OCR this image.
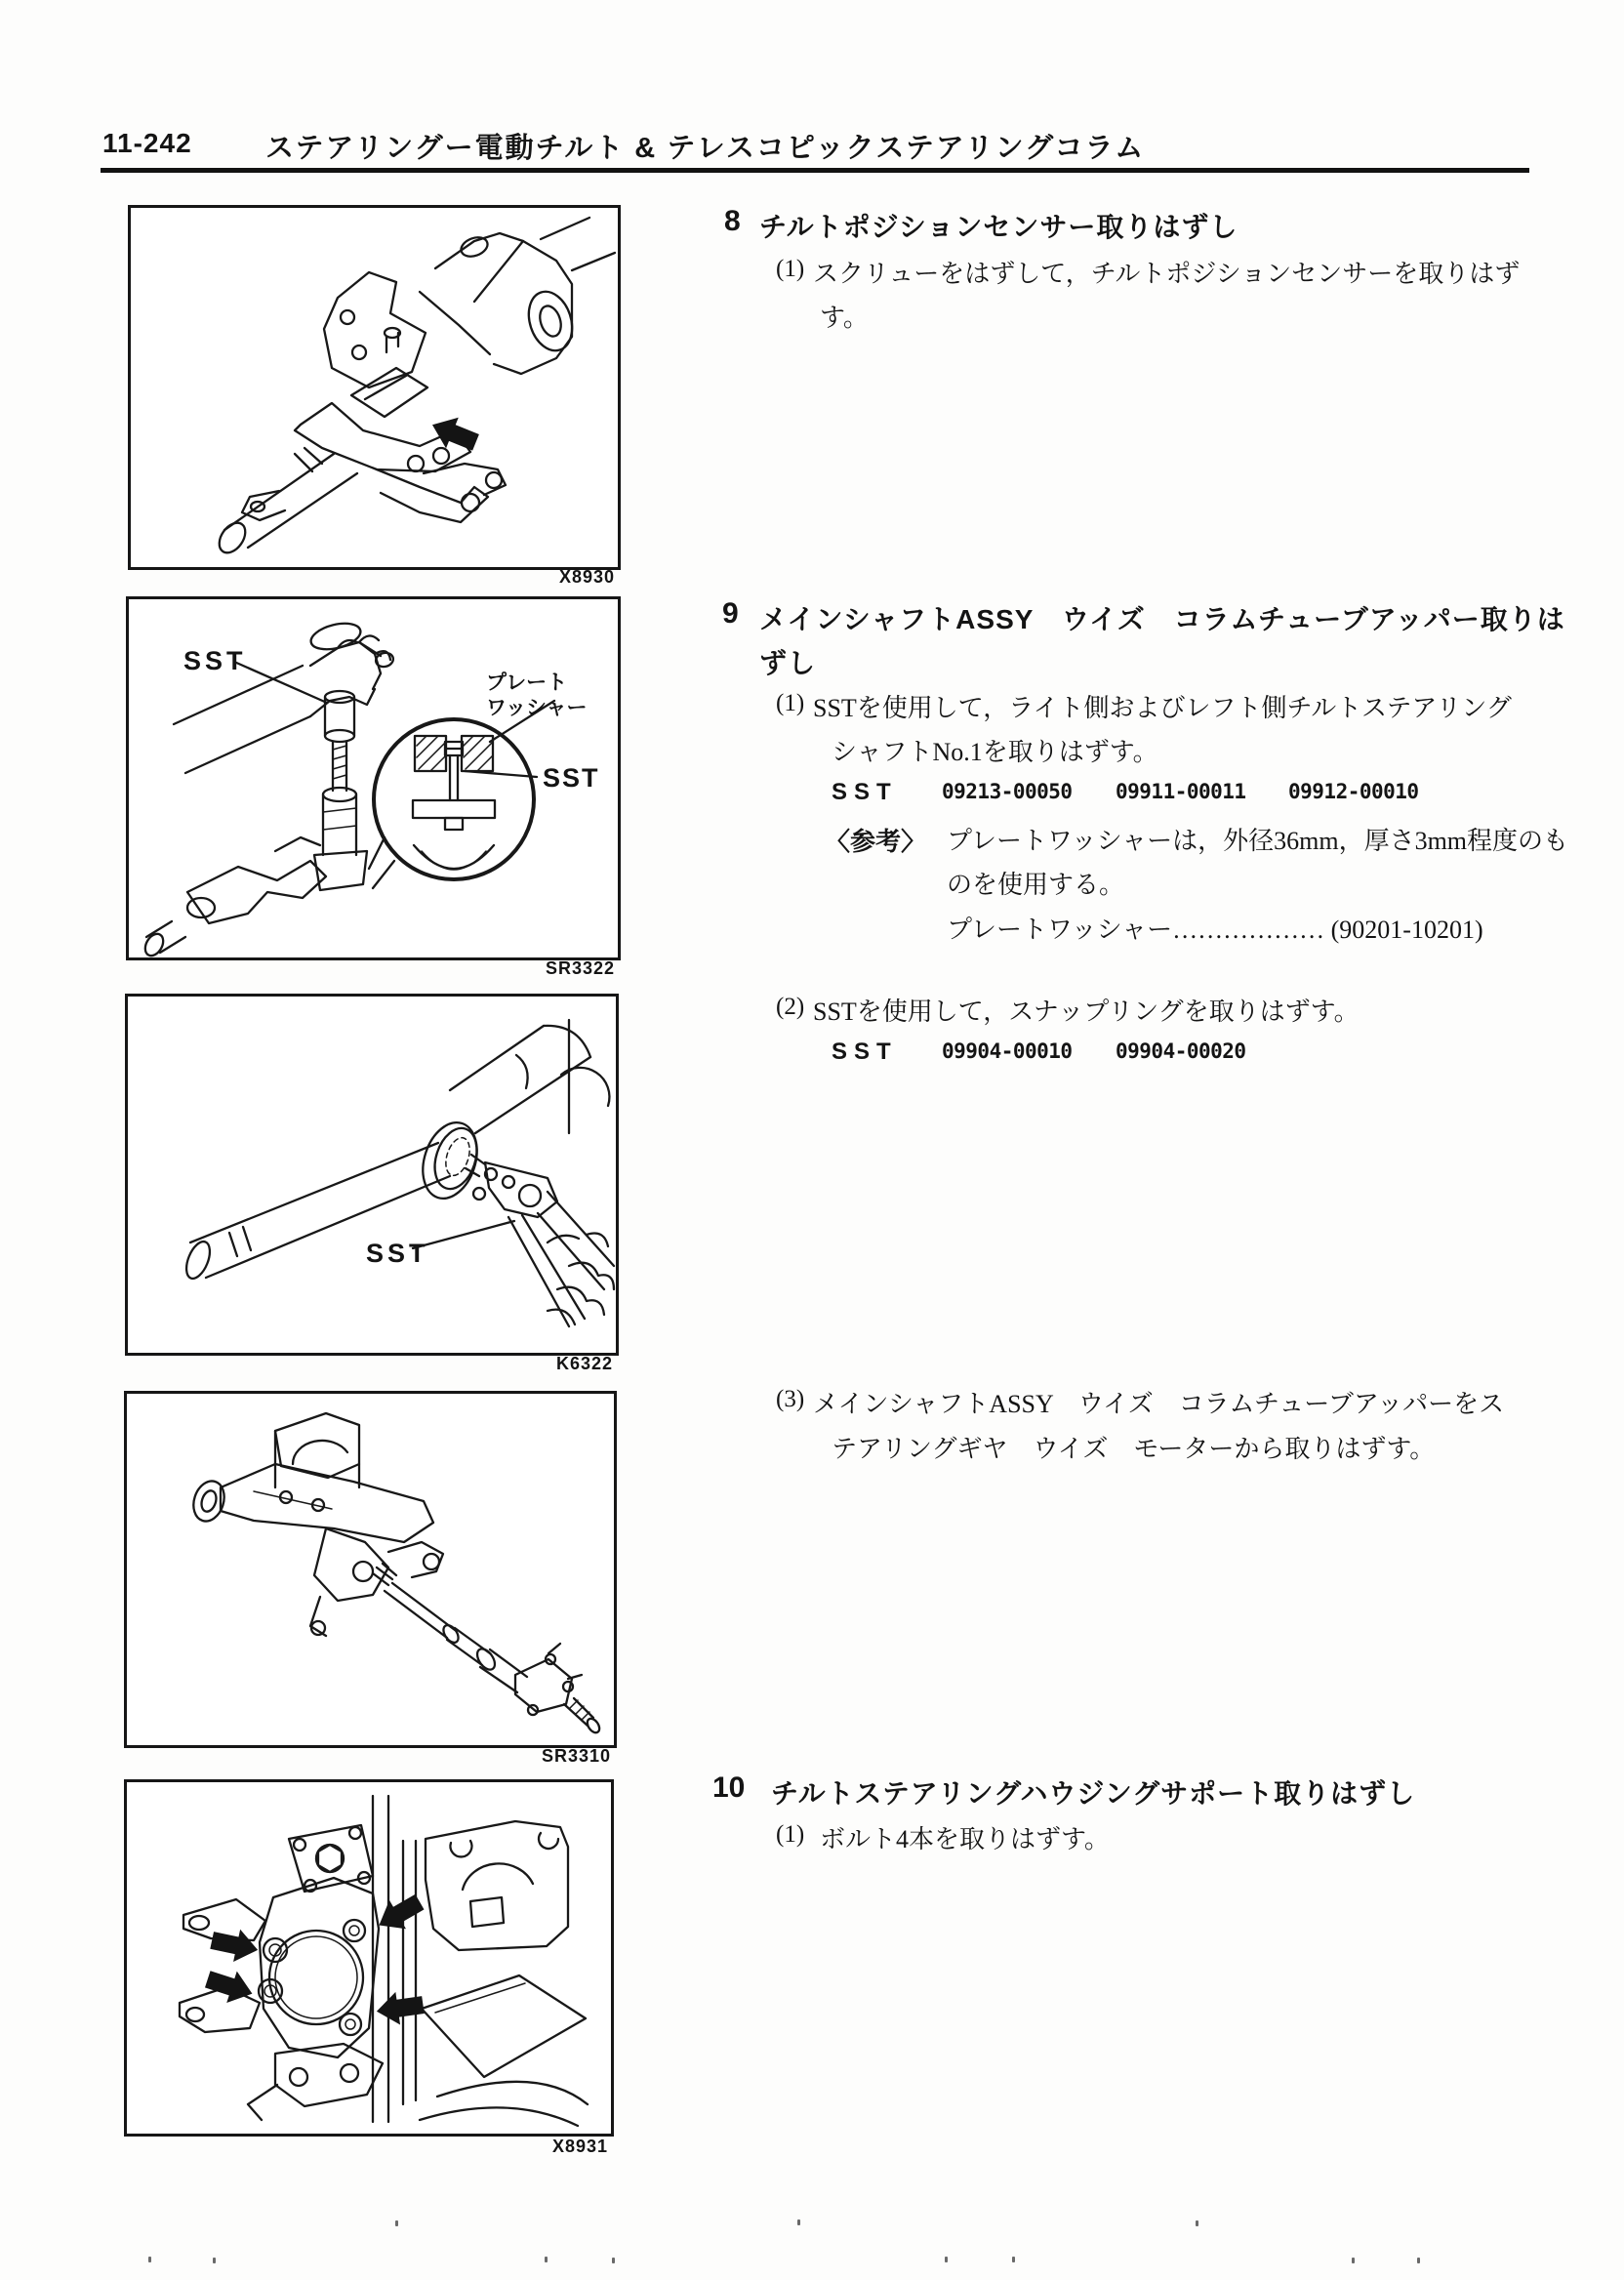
11-242	ステアリングー電動チルト & テレスコピックステアリングコラム
X8930
SST
プレート
ワッシャー
SST
SR3322
SST
K6322
SR3310
X8931
8 チルトポジションセンサー取りはずし
(1) スクリューをはずして，チルトポジションセンサーを取りはず
す。
9 メインシャフトASSY　ウイズ　コラムチューブアッパー取りは
ずし
(1) SSTを使用して，ライト側およびレフト側チルトステアリング
シャフトNo.1を取りはずす。
SST 09213-00050 09911-00011 09912-00010
〈参考〉 プレートワッシャーは，外径36mm，厚さ3mm程度のも
のを使用する。
プレートワッシャー……………… (90201-10201)
(2) SSTを使用して，スナップリングを取りはずす。
SST 09904-00010 09904-00020
(3) メインシャフトASSY　ウイズ　コラムチューブアッパーをス
テアリングギヤ　ウイズ　モーターから取りはずす。
10 チルトステアリングハウジングサポート取りはずし
(1) ボルト4本を取りはずす。
